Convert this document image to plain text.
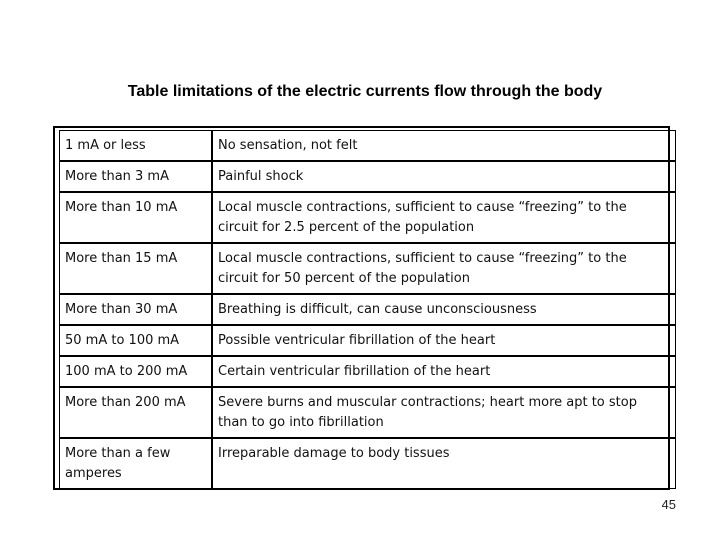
Table limitations of the electric currents flow through the body
1 mA or less	No sensation, not felt
More than 3 mA	Painful shock
More than 10 mA	Local muscle contractions, sufficient to cause “freezing” to the circuit for 2.5 percent of the population
More than 15 mA	Local muscle contractions, sufficient to cause “freezing” to the circuit for 50 percent of the population
More than 30 mA	Breathing is difficult, can cause unconsciousness
50 mA to 100 mA	Possible ventricular fibrillation of the heart
100 mA to 200 mA	Certain ventricular fibrillation of the heart
More than 200 mA	Severe burns and muscular contractions; heart more apt to stop than to go into fibrillation
More than a few amperes	Irreparable damage to body tissues
45
